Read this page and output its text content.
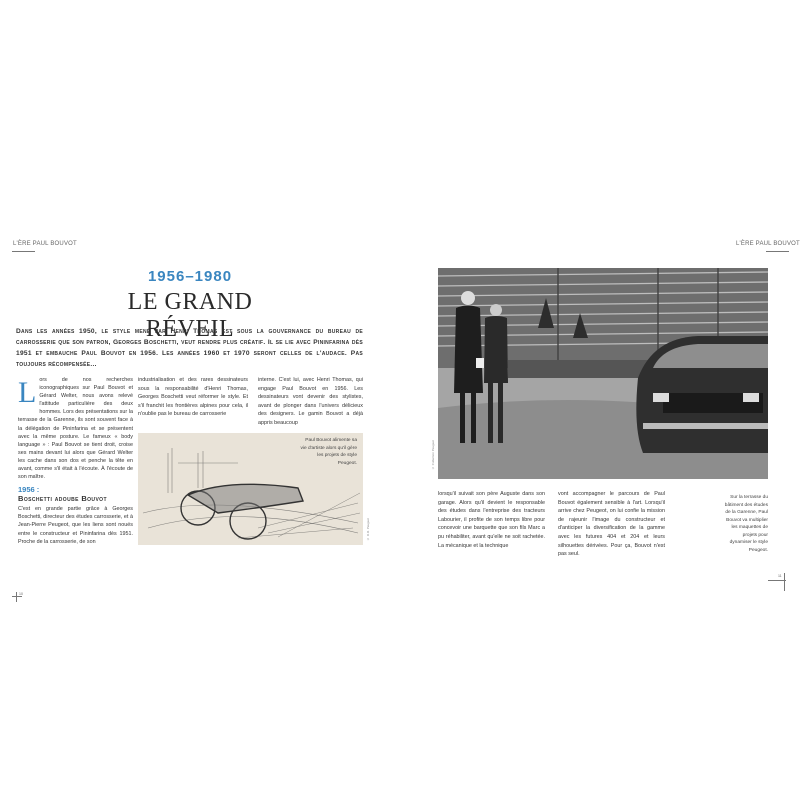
L'ÈRE PAUL BOUVOT
1956–1980
LE GRAND RÉVEIL
Dans les années 1950, le style mené par Henri Thomas est sous la gouvernance du bureau de carrosserie que son patron, Georges Boschetti, veut rendre plus créatif. Il se lie avec Pininfarina dès 1951 et embauche Paul Bouvot en 1956. Les années 1960 et 1970 seront celles de l'audace. Pas toujours récompensée...
L ors de nos recherches iconographiques sur Paul Bouvot et Gérard Welter, nous avons relevé l'attitude particulière des deux hommes. Lors des présentations sur la terrasse de la Garenne, ils sont souvent face à la délégation de Pininfarina et se présentent avec la même posture. Le fameux « body language » : Paul Bouvot se tient droit, croise ses mains devant lui alors que Gérard Welter les cache dans son dos et penche la tête en avant, comme s'il était à l'écoute. À l'écoute de son maître.
1956 :
Boschetti adoube Bouvot
C'est en grande partie grâce à Georges Boschetti, directeur des études carrosserie, et à Jean-Pierre Peugeot, que les liens sont noués entre le constructeur et Pininfarina dès 1951. Proche de la carrosserie, de son
industrialisation et des rares dessinateurs sous la responsabilité d'Henri Thomas, Georges Boschetti veut réformer le style. Et s'il franchit les frontières alpines pour cela, il n'oublie pas le bureau de carrosserie
interne. C'est lui, avec Henri Thomas, qui engage Paul Bouvot en 1956. Les dessinateurs vont devenir des stylistes, avant de plonger dans l'univers délicieux des designers. Le gamin Bouvot a déjà appris beaucoup
Paul Bouvot alimente sa vie d'artiste alors qu'il gère les projets de style Peugeot.
© D.R. Peugeot
10
L'ÈRE PAUL BOUVOT
© Collection Peugeot
lorsqu'il suivait son père Auguste dans son garage. Alors qu'il devient le responsable des études dans l'entreprise des tracteurs Labourier, il profite de son temps libre pour concevoir une barquette que son fils Marc a pu réhabiliter, avant qu'elle ne soit rachetée. La mécanique et la technique
vont accompagner le parcours de Paul Bouvot également sensible à l'art. Lorsqu'il arrive chez Peugeot, on lui confie la mission de rajeunir l'image du constructeur et d'anticiper la diversification de la gamme avec les futures 404 et 204 et leurs silhouettes dérivées. Pour ça, Bouvot n'est pas seul.
Sur la terrasse du bâtiment des études de la Garenne, Paul Bouvot va multiplier les maquettes de projets pour dynamiser le style Peugeot.
11
